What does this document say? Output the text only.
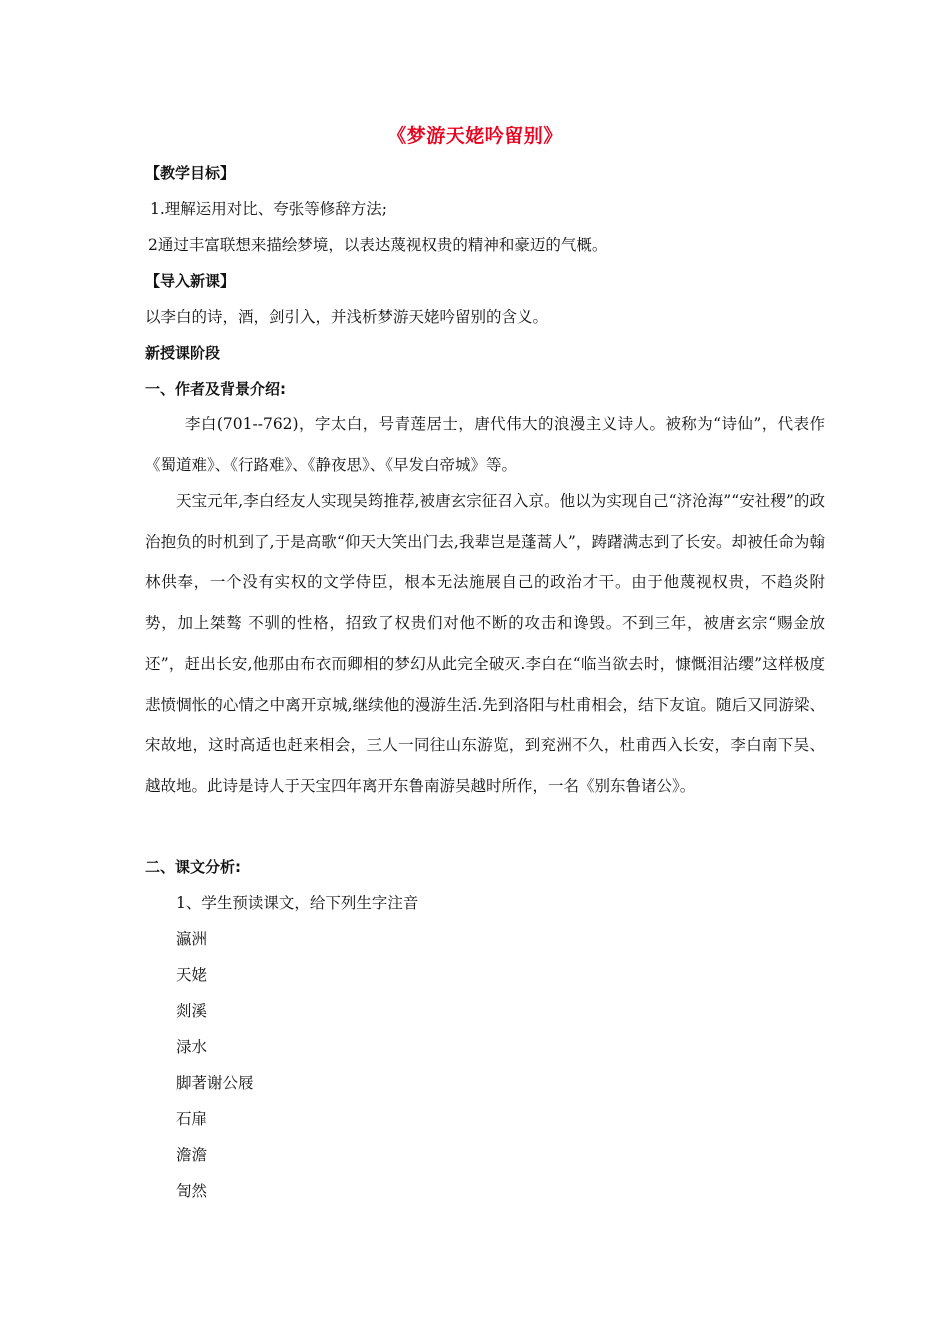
《梦游天姥吟留别》
【教学目标】
1.理解运用对比、夸张等修辞方法;
2通过丰富联想来描绘梦境，以表达蔑视权贵的精神和豪迈的气概。
【导入新课】
以李白的诗，酒，剑引入，并浅析梦游天姥吟留别的含义。
新授课阶段
一、作者及背景介绍:
李白(701--762)，字太白，号青莲居士，唐代伟大的浪漫主义诗人。被称为“诗仙”，代表作《蜀道难》、《行路难》、《静夜思》、《早发白帝城》等。
天宝元年,李白经友人实现吴筠推荐,被唐玄宗征召入京。他以为实现自己“济沧海”“安社稷”的政治抱负的时机到了,于是高歌“仰天大笑出门去,我辈岂是蓬蒿人”，踌躇满志到了长安。却被任命为翰林供奉，一个没有实权的文学侍臣，根本无法施展自己的政治才干。由于他蔑视权贵，不趋炎附势，加上桀骜 不驯的性格，招致了权贵们对他不断的攻击和谗毁。不到三年，被唐玄宗“赐金放还”，赶出长安,他那由布衣而卿相的梦幻从此完全破灭.李白在“临当欲去时，慷慨泪沾缨”这样极度悲愤惆怅的心情之中离开京城,继续他的漫游生活.先到洛阳与杜甫相会，结下友谊。随后又同游梁、宋故地，这时高适也赶来相会，三人一同往山东游览，到兖洲不久，杜甫西入长安，李白南下吴、越故地。此诗是诗人于天宝四年离开东鲁南游吴越时所作，一名《别东鲁诸公》。
二、课文分析:
1、学生预读课文，给下列生字注音
瀛洲
天姥
剡溪
渌水
脚著谢公屐
石扉
澹澹
訇然
